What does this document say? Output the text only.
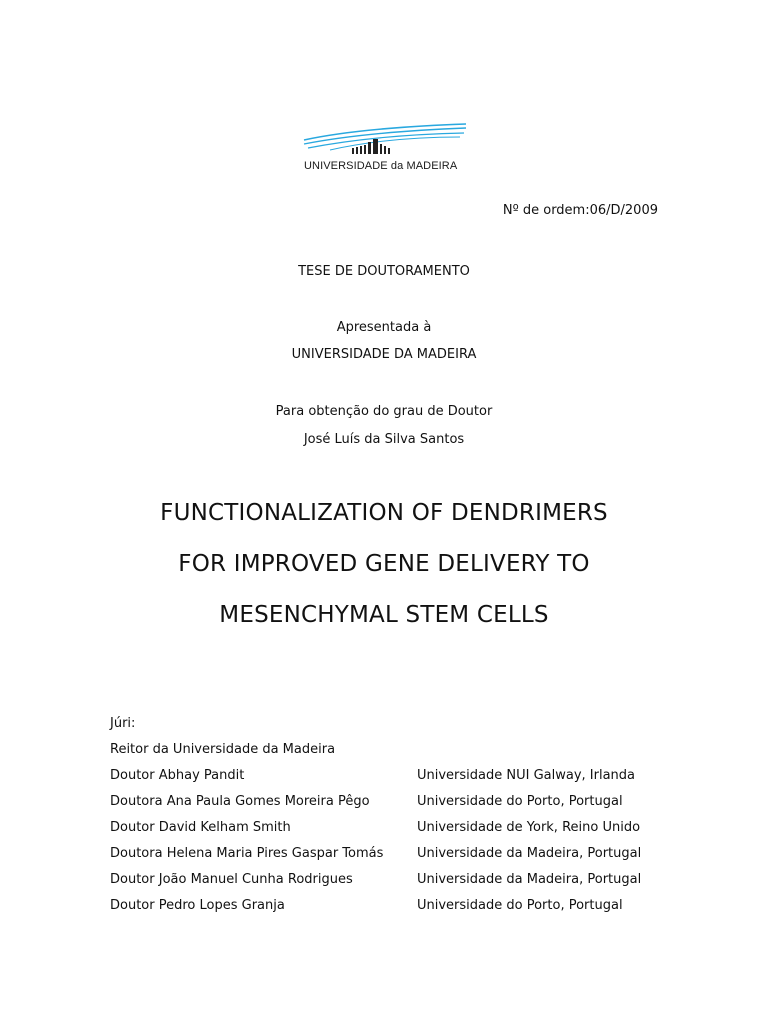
UNIVERSIDADE da MADEIRA
Nº de ordem:06/D/2009
TESE DE DOUTORAMENTO
Apresentada à
UNIVERSIDADE DA MADEIRA
Para obtenção do grau de Doutor
José Luís da Silva Santos
FUNCTIONALIZATION OF DENDRIMERS
FOR IMPROVED GENE DELIVERY TO
MESENCHYMAL STEM CELLS
Júri:
Reitor da Universidade da Madeira
Doutor Abhay Pandit	Universidade NUI Galway, Irlanda
Doutora Ana Paula Gomes Moreira Pêgo	Universidade do Porto, Portugal
Doutor David Kelham Smith	Universidade de York, Reino Unido
Doutora Helena Maria Pires Gaspar Tomás	Universidade da Madeira, Portugal
Doutor João Manuel Cunha Rodrigues	Universidade da Madeira, Portugal
Doutor Pedro Lopes Granja	Universidade do Porto, Portugal
